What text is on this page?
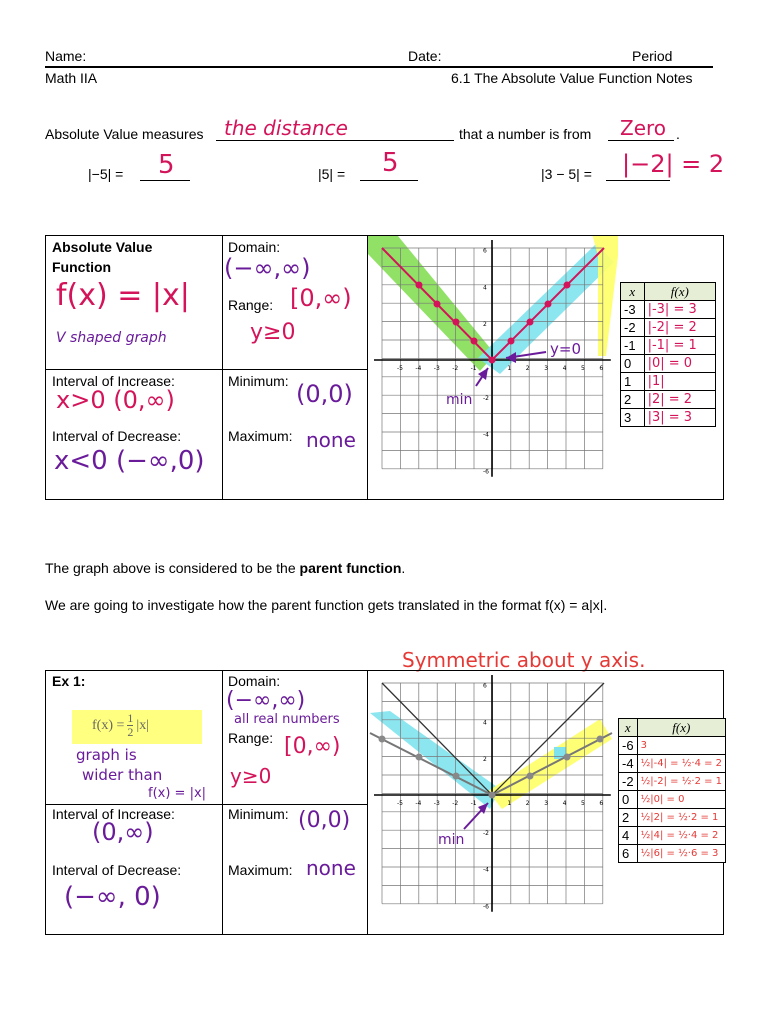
Name:	Date:	Period
Math IIA	6.1 The Absolute Value Function Notes
Absolute Value measures the distance	that a number is from Zero .
|−5| = 5	|5| = 5	|3 − 5| = |−2| = 2

Absolute Value
Function
f(x) = |x|
V shaped graph
Domain:
(−∞,∞)
Range: [0,∞)
y≥0
Interval of Increase:
x>0 (0,∞)
Interval of Decrease:
x<0 (−∞,0)
Minimum: (0,0)
Maximum: none
-5 -4 -3 -2 -1	1 2 3 4 5 6
6
4
2
-2
-4
-6
y=0
min
x	f(x)
-3	|-3| = 3
-2	|-2| = 2
-1	|-1| = 1
0	|0| = 0
1	|1|
2	|2| = 2
3	|3| = 3
The graph above is considered to be the parent function.
We are going to investigate how the parent function gets translated in the format f(x) = a|x|.
Symmetric about y axis.

Ex 1:
$f(x) = \frac{1}{2} |x|$
graph is
wider than
f(x) = |x|
Domain:
(−∞,∞)
all real numbers
Range: [0,∞)
y≥0
Interval of Increase:
(0,∞)
Interval of Decrease:
(−∞, 0)
Minimum: (0,0)
Maximum: none
-5 -4 -3 -2 -1	1 2 3 4 5 6
6
4
2
-2
-4
-6
min
x	f(x)
-6	3
-4	½|-4| = ½·4 = 2
-2	½|-2| = ½·2 = 1
0	½|0| = 0
2	½|2| = ½·2 = 1
4	½|4| = ½·4 = 2
6	½|6| = ½·6 = 3
